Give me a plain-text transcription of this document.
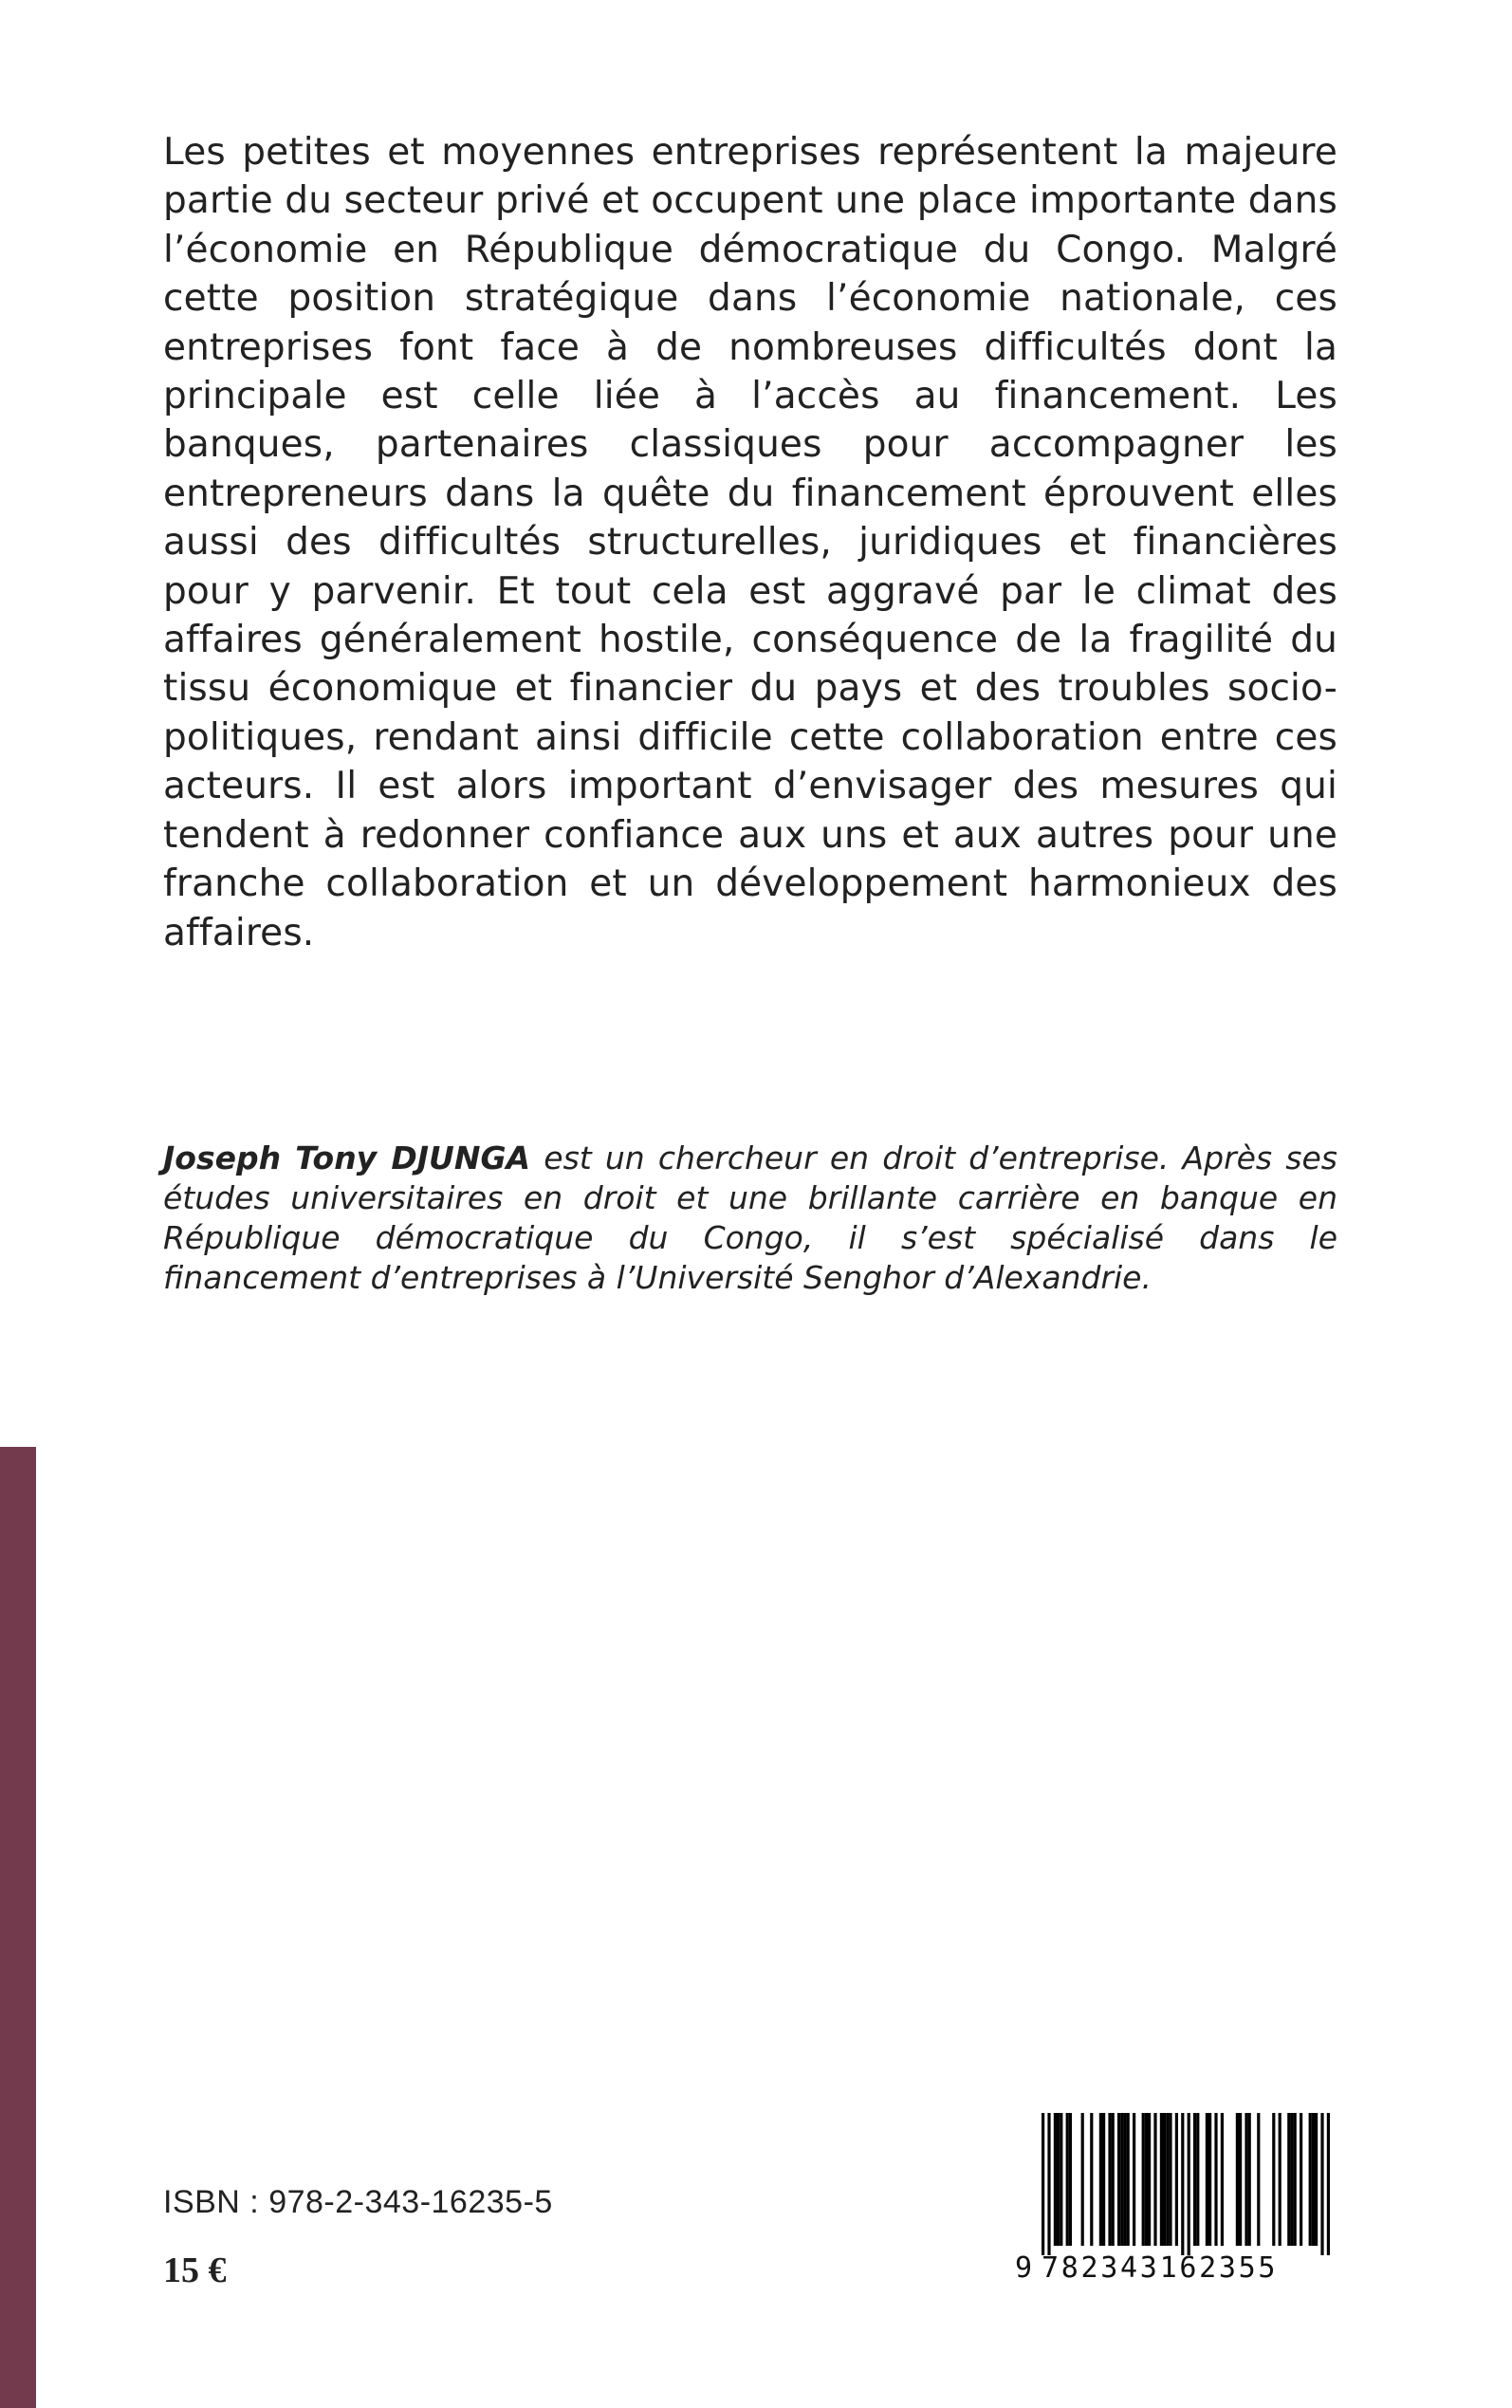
Les petites et moyennes entreprises représentent la majeure partie du secteur privé et occupent une place importante dans l’économie en République démocratique du Congo. Malgré cette position stratégique dans l’économie nationale, ces entreprises font face à de nombreuses difficultés dont la principale est celle liée à l’accès au financement. Les banques, partenaires classiques pour accompagner les entrepreneurs dans la quête du financement éprouvent elles aussi des difficultés structurelles, juridiques et financières pour y parvenir. Et tout cela est aggravé par le climat des affaires généralement hostile, conséquence de la fragilité du tissu économique et financier du pays et des troubles socio-politiques, rendant ainsi difficile cette collaboration entre ces acteurs. Il est alors important d’envisager des mesures qui tendent à redonner confiance aux uns et aux autres pour une franche collaboration et un développement harmonieux des affaires.

Joseph Tony DJUNGA est un chercheur en droit d’entreprise. Après ses études universitaires en droit et une brillante carrière en banque en République démocratique du Congo, il s’est spécialisé dans le financement d’entreprises à l’Université Senghor d’Alexandrie.

ISBN : 978-2-343-16235-5
15 €	9 782343162355
